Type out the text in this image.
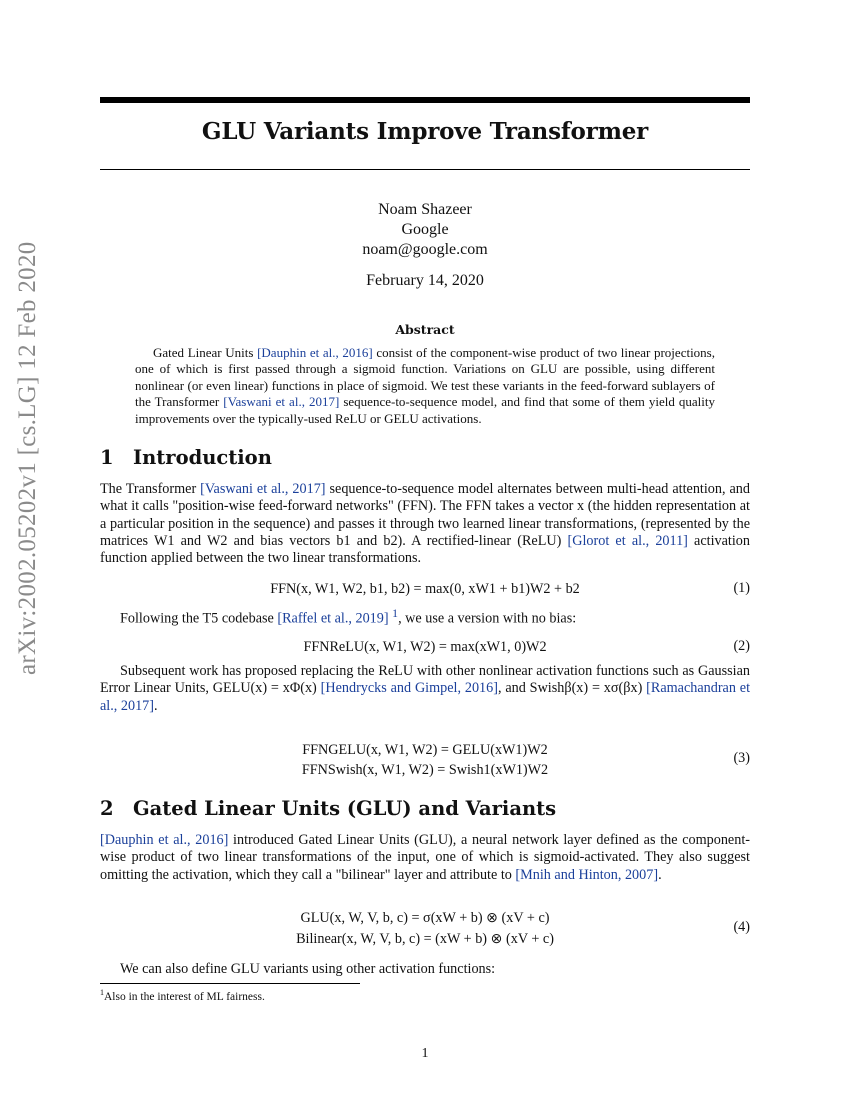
arXiv:2002.05202v1 [cs.LG] 12 Feb 2020
GLU Variants Improve Transformer
Noam Shazeer
Google
noam@google.com
February 14, 2020
Abstract

Gated Linear Units [Dauphin et al., 2016] consist of the component-wise product of two linear projections, one of which is first passed through a sigmoid function. Variations on GLU are possible, using different nonlinear (or even linear) functions in place of sigmoid. We test these variants in the feed-forward sublayers of the Transformer [Vaswani et al., 2017] sequence-to-sequence model, and find that some of them yield quality improvements over the typically-used ReLU or GELU activations.

1 Introduction

The Transformer [Vaswani et al., 2017] sequence-to-sequence model alternates between multi-head attention, and what it calls "position-wise feed-forward networks" (FFN). The FFN takes a vector x (the hidden representation at a particular position in the sequence) and passes it through two learned linear transformations, (represented by the matrices W1 and W2 and bias vectors b1 and b2). A rectified-linear (ReLU) [Glorot et al., 2011] activation function applied between the two linear transformations.

FFN(x, W1, W2, b1, b2) = max(0, xW1 + b1)W2 + b2	(1)

Following the T5 codebase [Raffel et al., 2019] $^1$, we use a version with no bias:

FFNReLU(x, W1, W2) = max(xW1, 0)W2	(2)

Subsequent work has proposed replacing the ReLU with other nonlinear activation functions such as Gaussian Error Linear Units, GELU(x) = xΦ(x) [Hendrycks and Gimpel, 2016], and Swishβ(x) = xσ(βx) [Ramachandran et al., 2017].

FFNGELU(x, W1, W2) = GELU(xW1)W2
FFNSwish(x, W1, W2) = Swish1(xW1)W2
(3)
2 Gated Linear Units (GLU) and Variants

[Dauphin et al., 2016] introduced Gated Linear Units (GLU), a neural network layer defined as the component-wise product of two linear transformations of the input, one of which is sigmoid-activated. They also suggest omitting the activation, which they call a "bilinear" layer and attribute to [Mnih and Hinton, 2007].

GLU(x, W, V, b, c) = σ(xW + b) ⊗ (xV + c)
Bilinear(x, W, V, b, c) = (xW + b) ⊗ (xV + c)
(4)

We can also define GLU variants using other activation functions:

$^1$Also in the interest of ML fairness.
1
